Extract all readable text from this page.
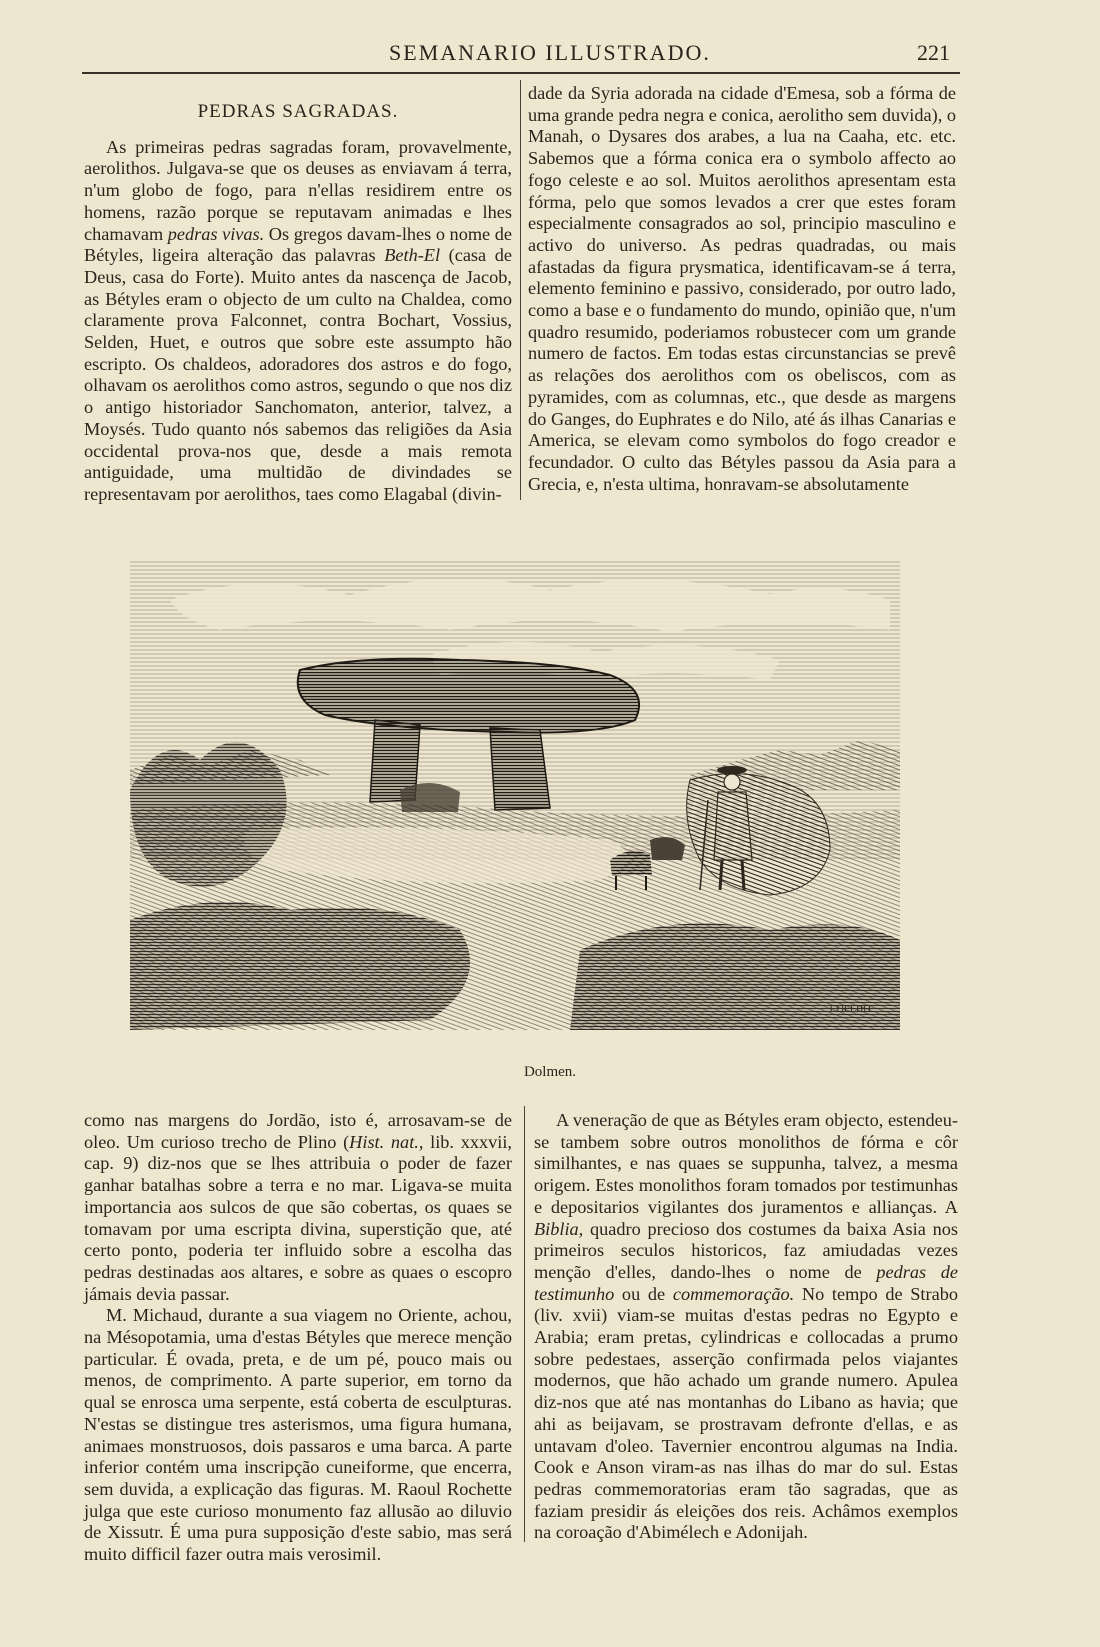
SEMANARIO ILLUSTRADO.	221

PEDRAS SAGRADAS.

As primeiras pedras sagradas foram, provavelmente, aerolithos. Julgava-se que os deuses as enviavam á terra, n'um globo de fogo, para n'ellas residirem entre os homens, razão porque se reputavam animadas e lhes chamavam pedras vivas. Os gregos davam-lhes o nome de Bétyles, ligeira alteração das palavras Beth-El (casa de Deus, casa do Forte). Muito antes da nascença de Jacob, as Bétyles eram o objecto de um culto na Chaldea, como claramente prova Falconnet, contra Bochart, Vossius, Selden, Huet, e outros que sobre este assumpto hão escripto. Os chaldeos, adoradores dos astros e do fogo, olhavam os aerolithos como astros, segundo o que nos diz o antigo historiador Sanchomaton, anterior, talvez, a Moysés. Tudo quanto nós sabemos das religiões da Asia occidental prova-nos que, desde a mais remota antiguidade, uma multidão de divindades se representavam por aerolithos, taes como Elagabal (divin-

dade da Syria adorada na cidade d'Emesa, sob a fórma de uma grande pedra negra e conica, aerolitho sem duvida), o Manah, o Dysares dos arabes, a lua na Caaha, etc. etc. Sabemos que a fórma conica era o symbolo affecto ao fogo celeste e ao sol. Muitos aerolithos apresentam esta fórma, pelo que somos levados a crer que estes foram especialmente consagrados ao sol, principio masculino e activo do universo. As pedras quadradas, ou mais afastadas da figura prysmatica, identificavam-se á terra, elemento feminino e passivo, considerado, por outro lado, como a base e o fundamento do mundo, opinião que, n'um quadro resumido, poderiamos robustecer com um grande numero de factos. Em todas estas circunstancias se prevê as relações dos aerolithos com os obeliscos, com as pyramides, com as columnas, etc., que desde as margens do Ganges, do Euphrates e do Nilo, até ás ilhas Canarias e America, se elevam como symbolos do fogo creador e fecundador. O culto das Bétyles passou da Asia para a Grecia, e, n'esta ultima, honravam-se absolutamente

COELHO
Dolmen.

como nas margens do Jordão, isto é, arrosavam-se de oleo. Um curioso trecho de Plino (Hist. nat., lib. xxxvii, cap. 9) diz-nos que se lhes attribuia o poder de fazer ganhar batalhas sobre a terra e no mar. Ligava-se muita importancia aos sulcos de que são cobertas, os quaes se tomavam por uma escripta divina, superstição que, até certo ponto, poderia ter influido sobre a escolha das pedras destinadas aos altares, e sobre as quaes o escopro jámais devia passar.

M. Michaud, durante a sua viagem no Oriente, achou, na Mésopotamia, uma d'estas Bétyles que merece menção particular. É ovada, preta, e de um pé, pouco mais ou menos, de comprimento. A parte superior, em torno da qual se enrosca uma serpente, está coberta de esculpturas. N'estas se distingue tres asterismos, uma figura humana, animaes monstruosos, dois passaros e uma barca. A parte inferior contém uma inscripção cuneiforme, que encerra, sem duvida, a explicação das figuras. M. Raoul Rochette julga que este curioso monumento faz allusão ao diluvio de Xissutr. É uma pura supposição d'este sabio, mas será muito difficil fazer outra mais verosimil.

A veneração de que as Bétyles eram objecto, estendeu-se tambem sobre outros monolithos de fórma e côr similhantes, e nas quaes se suppunha, talvez, a mesma origem. Estes monolithos foram tomados por testimunhas e depositarios vigilantes dos juramentos e allianças. A Biblia, quadro precioso dos costumes da baixa Asia nos primeiros seculos historicos, faz amiudadas vezes menção d'elles, dando-lhes o nome de pedras de testimunho ou de commemoração. No tempo de Strabo (liv. xvii) viam-se muitas d'estas pedras no Egypto e Arabia; eram pretas, cylindricas e collocadas a prumo sobre pedestaes, asserção confirmada pelos viajantes modernos, que hão achado um grande numero. Apulea diz-nos que até nas montanhas do Libano as havia; que ahi as beijavam, se prostravam defronte d'ellas, e as untavam d'oleo. Tavernier encontrou algumas na India. Cook e Anson viram-as nas ilhas do mar do sul. Estas pedras commemoratorias eram tão sagradas, que as faziam presidir ás eleições dos reis. Achâmos exemplos na coroação d'Abimélech e Adonijah.
